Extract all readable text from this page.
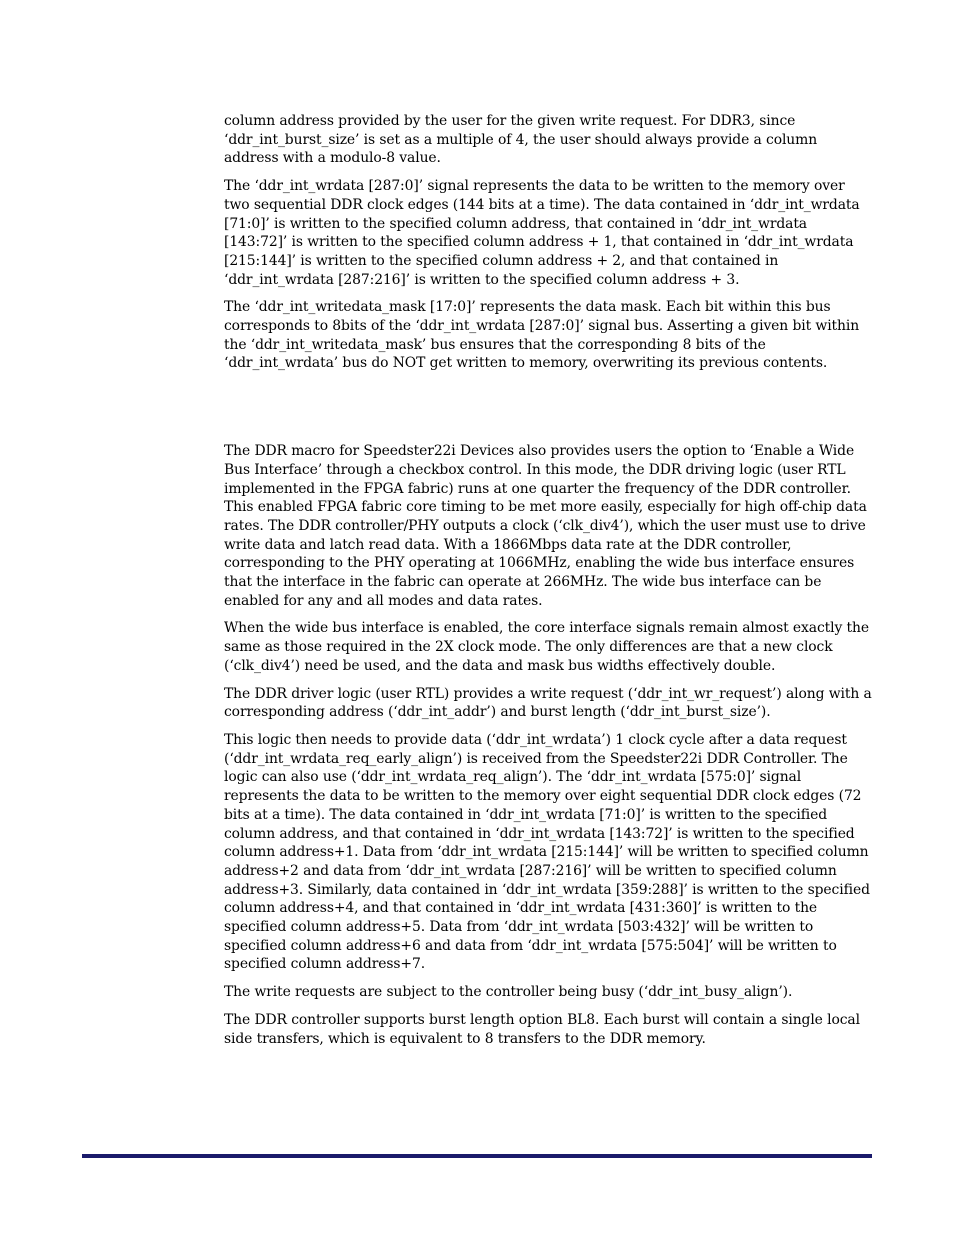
column address provided by the user for the given write request. For DDR3, since ‘ddr_int_burst_size’ is set as a multiple of 4, the user should always provide a column address with a modulo-8 value.

The ‘ddr_int_wrdata [287:0]’ signal represents the data to be written to the memory over two sequential DDR clock edges (144 bits at a time). The data contained in ‘ddr_int_wrdata [71:0]’ is written to the specified column address, that contained in ‘ddr_int_wrdata [143:72]’ is written to the specified column address + 1, that contained in ‘ddr_int_wrdata [215:144]’ is written to the specified column address + 2, and that contained in ‘ddr_int_wrdata [287:216]’ is written to the specified column address + 3.

The ‘ddr_int_writedata_mask [17:0]’ represents the data mask. Each bit within this bus corresponds to 8bits of the ‘ddr_int_wrdata [287:0]’ signal bus. Asserting a given bit within the ‘ddr_int_writedata_mask’ bus ensures that the corresponding 8 bits of the ‘ddr_int_wrdata’ bus do NOT get written to memory, overwriting its previous contents.

The DDR macro for Speedster22i Devices also provides users the option to ‘Enable a Wide Bus Interface’ through a checkbox control. In this mode, the DDR driving logic (user RTL implemented in the FPGA fabric) runs at one quarter the frequency of the DDR controller. This enabled FPGA fabric core timing to be met more easily, especially for high off-chip data rates. The DDR controller/PHY outputs a clock (‘clk_div4’), which the user must use to drive write data and latch read data. With a 1866Mbps data rate at the DDR controller, corresponding to the PHY operating at 1066MHz, enabling the wide bus interface ensures that the interface in the fabric can operate at 266MHz. The wide bus interface can be enabled for any and all modes and data rates.

When the wide bus interface is enabled, the core interface signals remain almost exactly the same as those required in the 2X clock mode. The only differences are that a new clock (‘clk_div4’) need be used, and the data and mask bus widths effectively double.

The DDR driver logic (user RTL) provides a write request (‘ddr_int_wr_request’) along with a corresponding address (‘ddr_int_addr’) and burst length (‘ddr_int_burst_size’).

This logic then needs to provide data (‘ddr_int_wrdata’) 1 clock cycle after a data request (‘ddr_int_wrdata_req_early_align’) is received from the Speedster22i DDR Controller. The logic can also use (‘ddr_int_wrdata_req_align’). The ‘ddr_int_wrdata [575:0]’ signal represents the data to be written to the memory over eight sequential DDR clock edges (72 bits at a time). The data contained in ‘ddr_int_wrdata [71:0]’ is written to the specified column address, and that contained in ‘ddr_int_wrdata [143:72]’ is written to the specified column address+1. Data from ‘ddr_int_wrdata [215:144]’ will be written to specified column address+2 and data from ‘ddr_int_wrdata [287:216]’ will be written to specified column address+3. Similarly, data contained in ‘ddr_int_wrdata [359:288]’ is written to the specified column address+4, and that contained in ‘ddr_int_wrdata [431:360]’ is written to the specified column address+5. Data from ‘ddr_int_wrdata [503:432]’ will be written to specified column address+6 and data from ‘ddr_int_wrdata [575:504]’ will be written to specified column address+7.

The write requests are subject to the controller being busy (‘ddr_int_busy_align’).

The DDR controller supports burst length option BL8. Each burst will contain a single local side transfers, which is equivalent to 8 transfers to the DDR memory.
